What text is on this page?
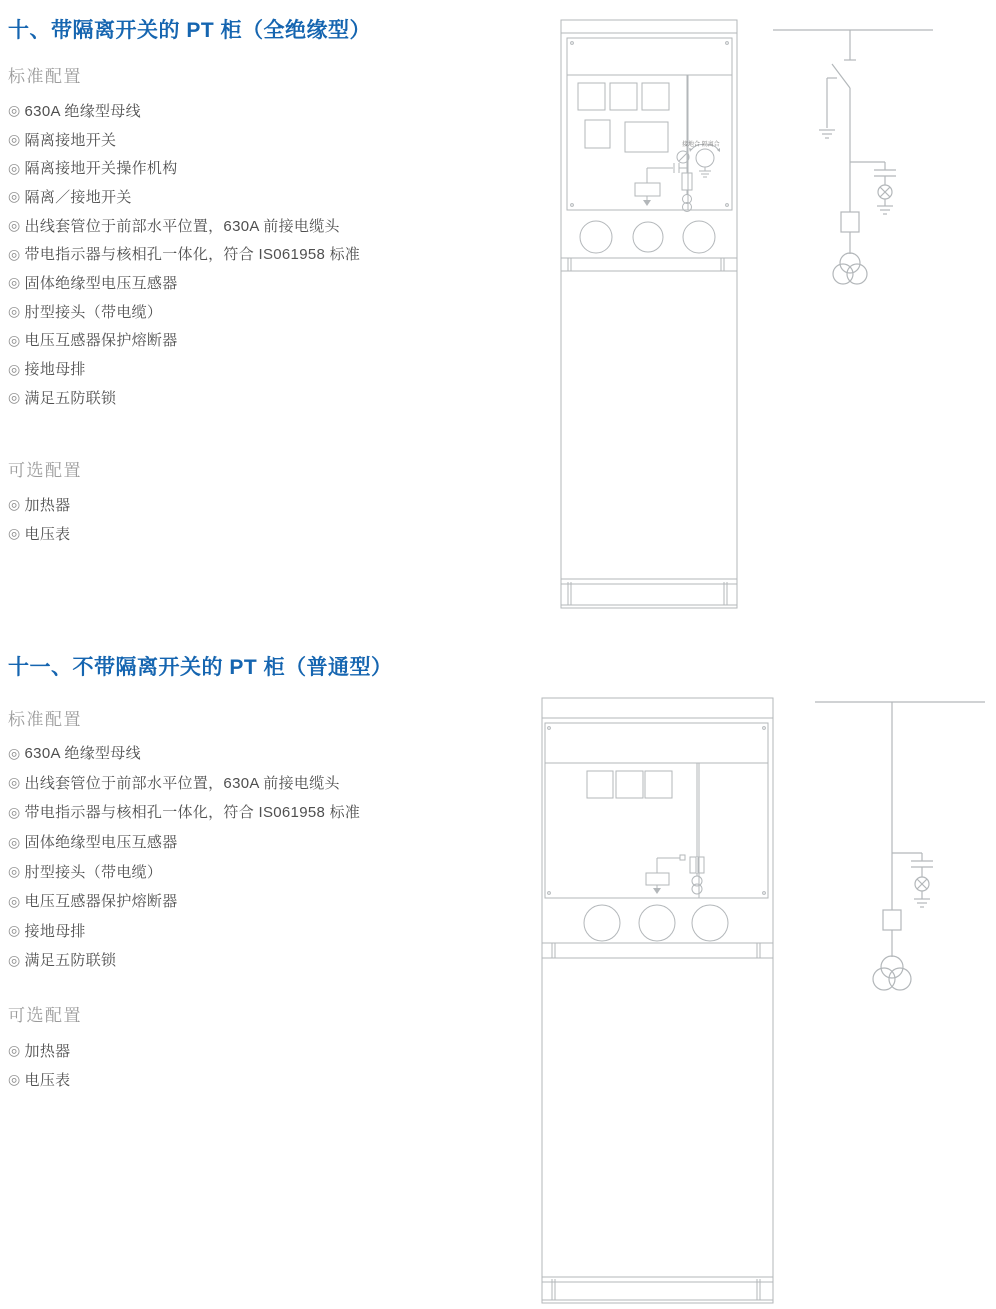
十、带隔离开关的 PT 柜（全绝缘型）
标准配置
◎ 630A 绝缘型母线
◎ 隔离接地开关
◎ 隔离接地开关操作机构
◎ 隔离／接地开关
◎ 出线套管位于前部水平位置，630A 前接电缆头
◎ 带电指示器与核相孔一体化，符合 IS061958 标准
◎ 固体绝缘型电压互感器
◎ 肘型接头（带电缆）
◎ 电压互感器保护熔断器
◎ 接地母排
◎ 满足五防联锁
可选配置
◎ 加热器
◎ 电压表
接地合 隔离合
十一、不带隔离开关的 PT 柜（普通型）
标准配置
◎ 630A 绝缘型母线
◎ 出线套管位于前部水平位置，630A 前接电缆头
◎ 带电指示器与核相孔一体化，符合 IS061958 标准
◎ 固体绝缘型电压互感器
◎ 肘型接头（带电缆）
◎ 电压互感器保护熔断器
◎ 接地母排
◎ 满足五防联锁
可选配置
◎ 加热器
◎ 电压表
